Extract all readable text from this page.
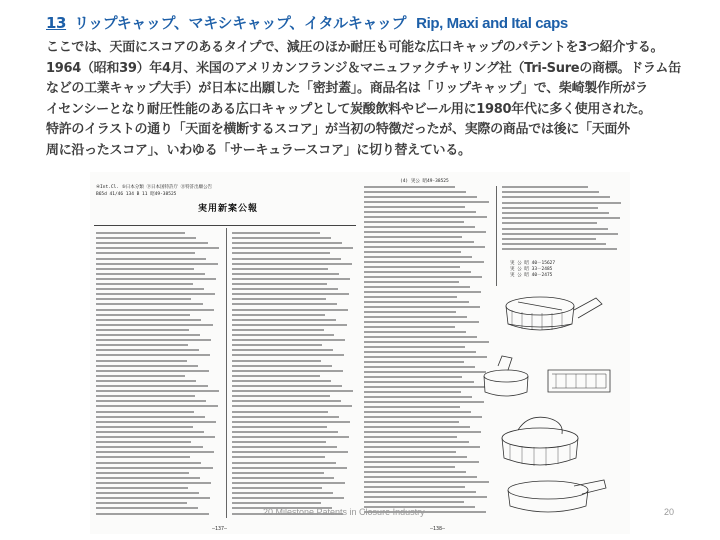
13 リップキャップ、マキシキャップ、イタルキャップ Rip, Maxi and Ital caps
ここでは、天面にスコアのあるタイプで、減圧のほか耐圧も可能な広口キャップのパテントを3つ紹介する。
1964（昭和39）年4月、米国のアメリカンフランジ＆マニュファクチャリング社（Tri-Sureの商標。ドラム缶
などの工業キャップ大手）が日本に出願した「密封蓋」。商品名は「リップキャップ」で、柴崎製作所がラ
イセンシーとなり耐圧性能のある広口キャップとして炭酸飲料やビール用に1980年代に多く使用された。
特許のイラストの通り「天面を横断するスコア」が当初の特徴だったが、実際の商品では後に「天面外
周に沿ったスコア」、いわゆる「サーキュラースコア」に切り替えている。
④Int.Cl. ⑤日本分類 ⑨日本国特許庁 ⑪特許出願公告
B65d 41/46 134 B 11 昭49-38525
実用新案公報
—137—
(4) 実公 昭49-38525
実 公 昭 40－15627
実 公 昭 33－2485
実 公 昭 40－2475
—138—
20 Milestone Patents in Closure Industry	20
